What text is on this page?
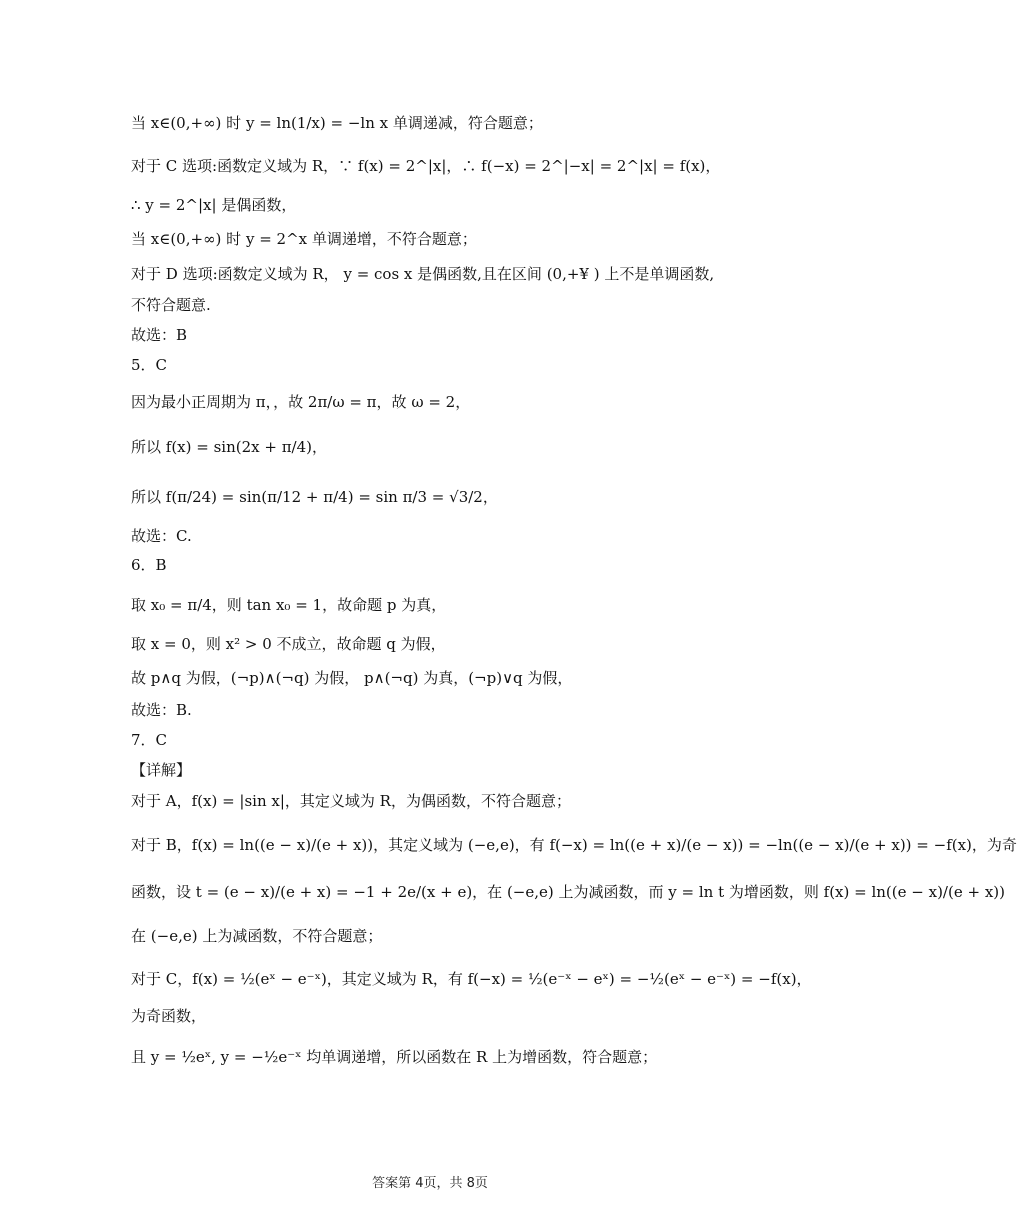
当 x∈(0,+∞) 时 y = ln(1/x) = −ln x 单调递减，符合题意；
对于 C 选项:函数定义域为 R，∵ f(x) = 2^|x|，∴ f(−x) = 2^|−x| = 2^|x| = f(x)，
∴ y = 2^|x| 是偶函数，
当 x∈(0,+∞) 时 y = 2^x 单调递增，不符合题意；
对于 D 选项:函数定义域为 R， y = cos x 是偶函数,且在区间 (0,+¥ ) 上不是单调函数,
不符合题意.
故选：B
5．C
因为最小正周期为 π，，故 2π/ω = π，故 ω = 2，
所以 f(x) = sin(2x + π/4)，
所以 f(π/24) = sin(π/12 + π/4) = sin π/3 = √3/2，
故选：C.
6．B
取 x₀ = π/4，则 tan x₀ = 1，故命题 p 为真，
取 x = 0，则 x² > 0 不成立，故命题 q 为假，
故 p∧q 为假，(¬p)∧(¬q) 为假， p∧(¬q) 为真，(¬p)∨q 为假，
故选：B.
7．C
【详解】
对于 A，f(x) = |sin x|，其定义域为 R，为偶函数，不符合题意；
对于 B，f(x) = ln((e − x)/(e + x))，其定义域为 (−e,e)，有 f(−x) = ln((e + x)/(e − x)) = −ln((e − x)/(e + x)) = −f(x)，为奇
函数，设 t = (e − x)/(e + x) = −1 + 2e/(x + e)，在 (−e,e) 上为减函数，而 y = ln t 为增函数，则 f(x) = ln((e − x)/(e + x))
在 (−e,e) 上为减函数，不符合题意；
对于 C，f(x) = ½(eˣ − e⁻ˣ)，其定义域为 R，有 f(−x) = ½(e⁻ˣ − eˣ) = −½(eˣ − e⁻ˣ) = −f(x)，
为奇函数，
且 y = ½eˣ, y = −½e⁻ˣ 均单调递增，所以函数在 R 上为增函数，符合题意；
答案第 4页，共 8页
